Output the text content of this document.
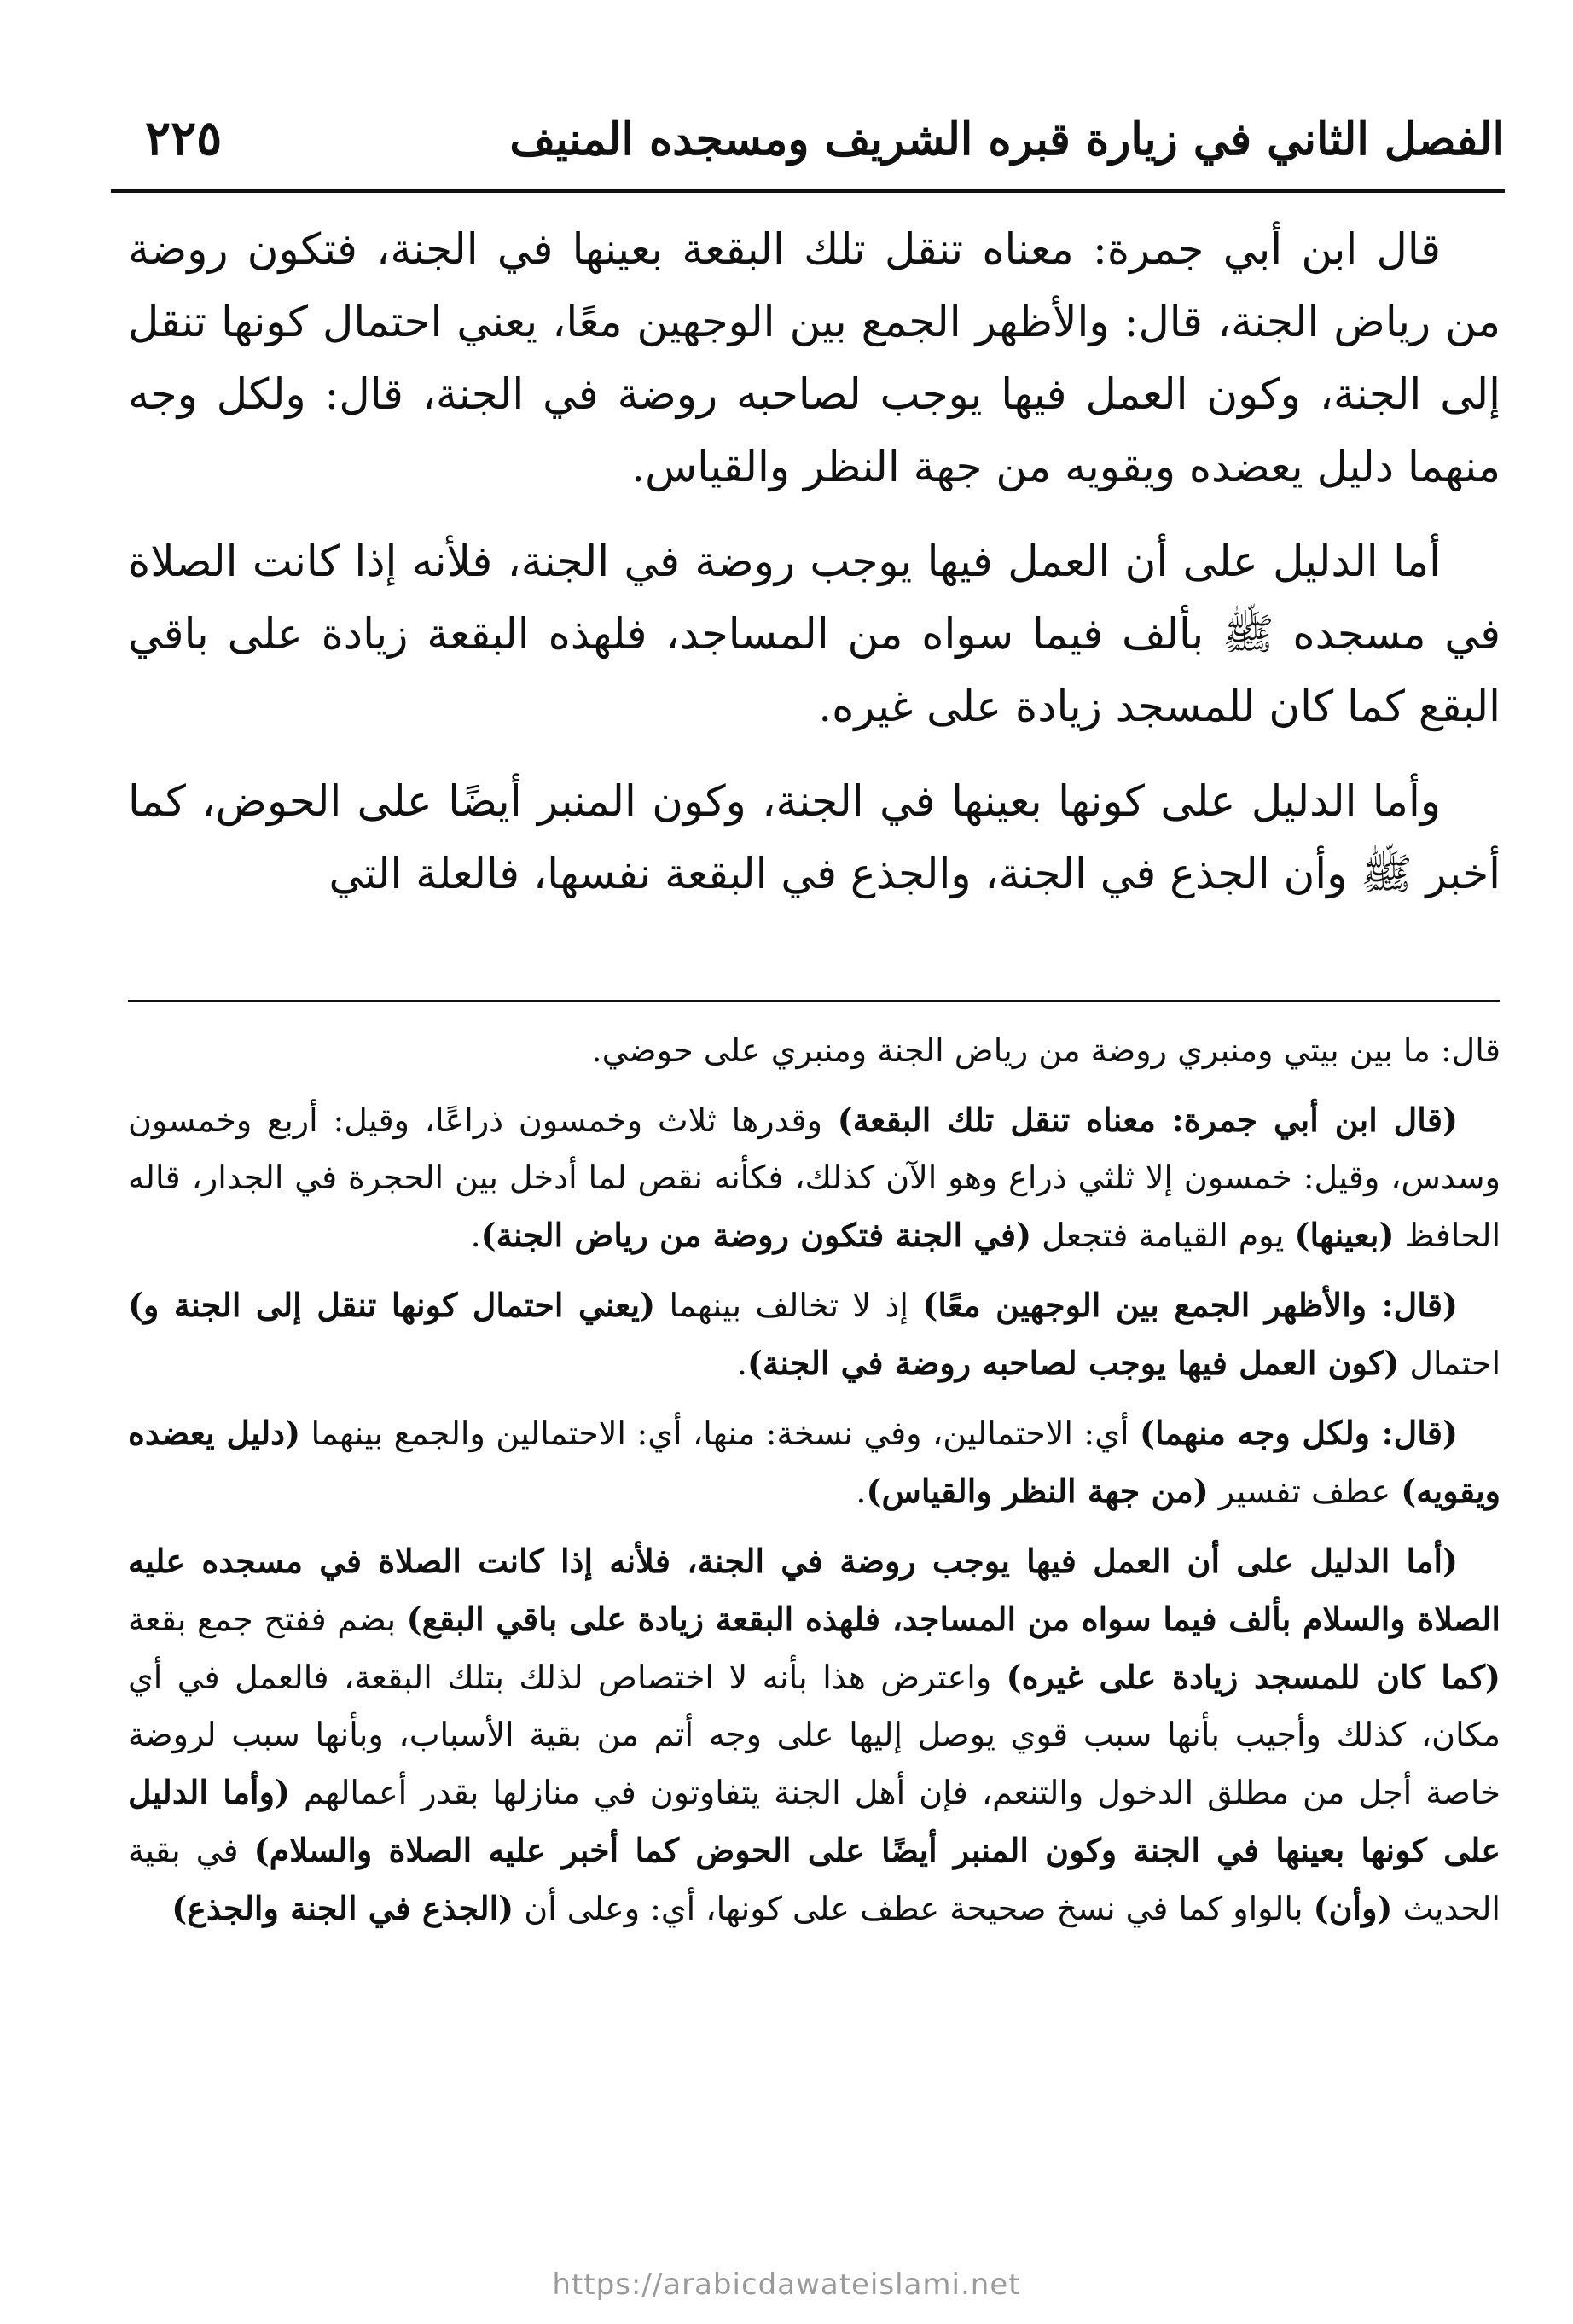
الفصل الثاني في زيارة قبره الشريف ومسجده المنيف
٢٢٥

قال ابن أبي جمرة: معناه تنقل تلك البقعة بعينها في الجنة، فتكون روضة من رياض الجنة، قال: والأظهر الجمع بين الوجهين معًا، يعني احتمال كونها تنقل إلى الجنة، وكون العمل فيها يوجب لصاحبه روضة في الجنة، قال: ولكل وجه منهما دليل يعضده ويقويه من جهة النظر والقياس.

أما الدليل على أن العمل فيها يوجب روضة في الجنة، فلأنه إذا كانت الصلاة في مسجده ﷺ بألف فيما سواه من المساجد، فلهذه البقعة زيادة على باقي البقع كما كان للمسجد زيادة على غيره.

وأما الدليل على كونها بعينها في الجنة، وكون المنبر أيضًا على الحوض، كما أخبر ﷺ وأن الجذع في الجنة، والجذع في البقعة نفسها، فالعلة التي

قال: ما بين بيتي ومنبري روضة من رياض الجنة ومنبري على حوضي.

(قال ابن أبي جمرة: معناه تنقل تلك البقعة) وقدرها ثلاث وخمسون ذراعًا، وقيل: أربع وخمسون وسدس، وقيل: خمسون إلا ثلثي ذراع وهو الآن كذلك، فكأنه نقص لما أدخل بين الحجرة في الجدار، قاله الحافظ (بعينها) يوم القيامة فتجعل (في الجنة فتكون روضة من رياض الجنة).

(قال: والأظهر الجمع بين الوجهين معًا) إذ لا تخالف بينهما (يعني احتمال كونها تنقل إلى الجنة و) احتمال (كون العمل فيها يوجب لصاحبه روضة في الجنة).

(قال: ولكل وجه منهما) أي: الاحتمالين، وفي نسخة: منها، أي: الاحتمالين والجمع بينهما (دليل يعضده ويقويه) عطف تفسير (من جهة النظر والقياس).

(أما الدليل على أن العمل فيها يوجب روضة في الجنة، فلأنه إذا كانت الصلاة في مسجده عليه الصلاة والسلام بألف فيما سواه من المساجد، فلهذه البقعة زيادة على باقي البقع) بضم ففتح جمع بقعة (كما كان للمسجد زيادة على غيره) واعترض هذا بأنه لا اختصاص لذلك بتلك البقعة، فالعمل في أي مكان، كذلك وأجيب بأنها سبب قوي يوصل إليها على وجه أتم من بقية الأسباب، وبأنها سبب لروضة خاصة أجل من مطلق الدخول والتنعم، فإن أهل الجنة يتفاوتون في منازلها بقدر أعمالهم (وأما الدليل على كونها بعينها في الجنة وكون المنبر أيضًا على الحوض كما أخبر عليه الصلاة والسلام) في بقية الحديث (وأن) بالواو كما في نسخ صحيحة عطف على كونها، أي: وعلى أن (الجذع في الجنة والجذع)

https://arabicdawateislami.net
